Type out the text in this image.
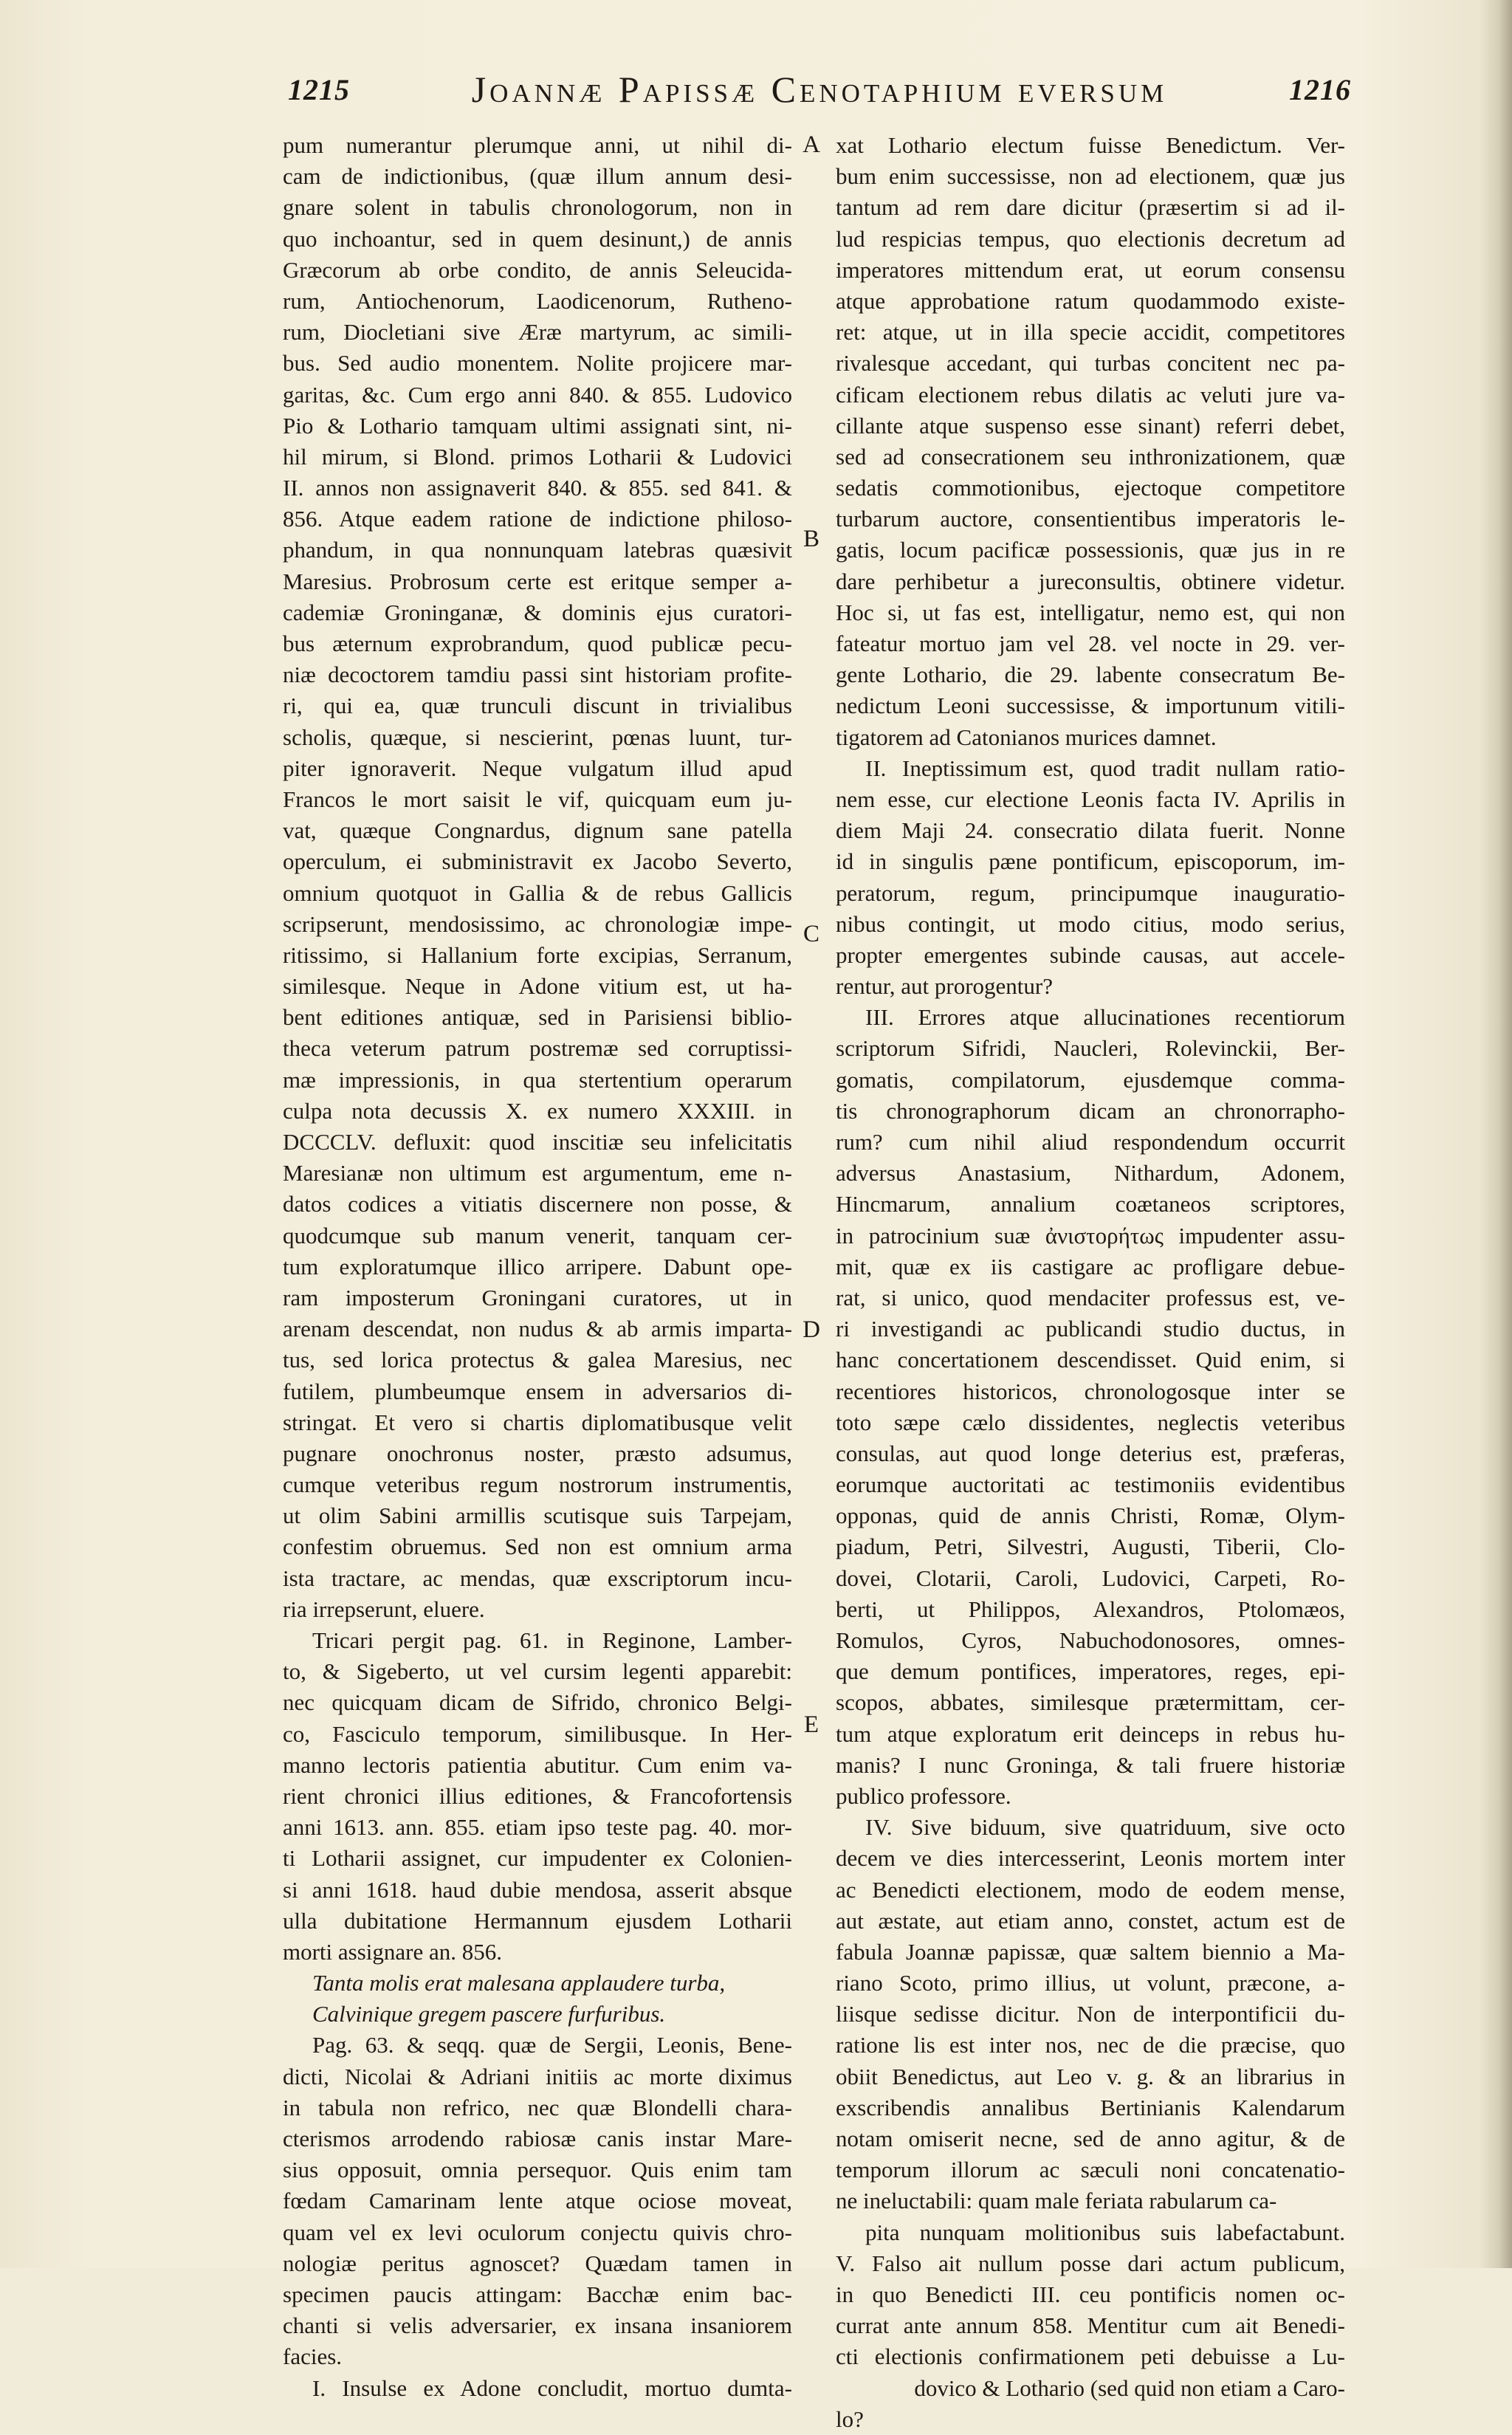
1215	Joannæ Papissæ Cenotaphium eversum	1216
pum numerantur plerumque anni, ut nihil di-
cam de indictionibus, (quæ illum annum desi-
gnare solent in tabulis chronologorum, non in
quo inchoantur, sed in quem desinunt,) de annis
Græcorum ab orbe condito, de annis Seleucida-
rum, Antiochenorum, Laodicenorum, Rutheno-
rum, Diocletiani sive Æræ martyrum, ac simili-
bus. Sed audio monentem. Nolite projicere mar-
garitas, &c. Cum ergo anni 840. & 855. Ludovico
Pio & Lothario tamquam ultimi assignati sint, ni-
hil mirum, si Blond. primos Lotharii & Ludovici
II. annos non assignaverit 840. & 855. sed 841. &
856. Atque eadem ratione de indictione philoso-
phandum, in qua nonnunquam latebras quæsivit
Maresius. Probrosum certe est eritque semper a-
cademiæ Groninganæ, & dominis ejus curatori-
bus æternum exprobrandum, quod publicæ pecu-
niæ decoctorem tamdiu passi sint historiam profite-
ri, qui ea, quæ trunculi discunt in trivialibus
scholis, quæque, si nescierint, pœnas luunt, tur-
piter ignoraverit. Neque vulgatum illud apud
Francos le mort saisit le vif, quicquam eum ju-
vat, quæque Congnardus, dignum sane patella
operculum, ei subministravit ex Jacobo Severto,
omnium quotquot in Gallia & de rebus Gallicis
scripserunt, mendosissimo, ac chronologiæ impe-
ritissimo, si Hallanium forte excipias, Serranum,
similesque. Neque in Adone vitium est, ut ha-
bent editiones antiquæ, sed in Parisiensi biblio-
theca veterum patrum postremæ sed corruptissi-
mæ impressionis, in qua stertentium operarum
culpa nota decussis X. ex numero XXXIII. in
DCCCLV. defluxit: quod inscitiæ seu infelicitatis
Maresianæ non ultimum est argumentum, eme n-
datos codices a vitiatis discernere non posse, &
quodcumque sub manum venerit, tanquam cer-
tum exploratumque illico arripere. Dabunt ope-
ram imposterum Groningani curatores, ut in
arenam descendat, non nudus & ab armis imparta-
tus, sed lorica protectus & galea Maresius, nec
futilem, plumbeumque ensem in adversarios di-
stringat. Et vero si chartis diplomatibusque velit
pugnare onochronus noster, præsto adsumus,
cumque veteribus regum nostrorum instrumentis,
ut olim Sabini armillis scutisque suis Tarpejam,
confestim obruemus. Sed non est omnium arma
ista tractare, ac mendas, quæ exscriptorum incu-
ria irrepserunt, eluere.
Tricari pergit pag. 61. in Reginone, Lamber-
to, & Sigeberto, ut vel cursim legenti apparebit:
nec quicquam dicam de Sifrido, chronico Belgi-
co, Fasciculo temporum, similibusque. In Her-
manno lectoris patientia abutitur. Cum enim va-
rient chronici illius editiones, & Francofortensis
anni 1613. ann. 855. etiam ipso teste pag. 40. mor-
ti Lotharii assignet, cur impudenter ex Colonien-
si anni 1618. haud dubie mendosa, asserit absque
ulla dubitatione Hermannum ejusdem Lotharii
morti assignare an. 856.
Tanta molis erat malesana applaudere turba,
Calvinique gregem pascere furfuribus.
Pag. 63. & seqq. quæ de Sergii, Leonis, Bene-
dicti, Nicolai & Adriani initiis ac morte diximus
in tabula non refrico, nec quæ Blondelli chara-
cterismos arrodendo rabiosæ canis instar Mare-
sius opposuit, omnia persequor. Quis enim tam
fœdam Camarinam lente atque ociose moveat,
quam vel ex levi oculorum conjectu quivis chro-
nologiæ peritus agnoscet? Quædam tamen in
specimen paucis attingam: Bacchæ enim bac-
chanti si velis adversarier, ex insana insaniorem
facies.
I. Insulse ex Adone concludit, mortuo dumta-
xat Lothario electum fuisse Benedictum. Ver-
bum enim successisse, non ad electionem, quæ jus
tantum ad rem dare dicitur (præsertim si ad il-
lud respicias tempus, quo electionis decretum ad
imperatores mittendum erat, ut eorum consensu
atque approbatione ratum quodammodo existe-
ret: atque, ut in illa specie accidit, competitores
rivalesque accedant, qui turbas concitent nec pa-
cificam electionem rebus dilatis ac veluti jure va-
cillante atque suspenso esse sinant) referri debet,
sed ad consecrationem seu inthronizationem, quæ
sedatis commotionibus, ejectoque competitore
turbarum auctore, consentientibus imperatoris le-
gatis, locum pacificæ possessionis, quæ jus in re
dare perhibetur a jureconsultis, obtinere videtur.
Hoc si, ut fas est, intelligatur, nemo est, qui non
fateatur mortuo jam vel 28. vel nocte in 29. ver-
gente Lothario, die 29. labente consecratum Be-
nedictum Leoni successisse, & importunum vitili-
tigatorem ad Catonianos murices damnet.
II. Ineptissimum est, quod tradit nullam ratio-
nem esse, cur electione Leonis facta IV. Aprilis in
diem Maji 24. consecratio dilata fuerit. Nonne
id in singulis pæne pontificum, episcoporum, im-
peratorum, regum, principumque inauguratio-
nibus contingit, ut modo citius, modo serius,
propter emergentes subinde causas, aut accele-
rentur, aut prorogentur?
III. Errores atque allucinationes recentiorum
scriptorum Sifridi, Naucleri, Rolevinckii, Ber-
gomatis, compilatorum, ejusdemque comma-
tis chronographorum dicam an chronorrapho-
rum? cum nihil aliud respondendum occurrit
adversus Anastasium, Nithardum, Adonem,
Hincmarum, annalium coætaneos scriptores,
in patrocinium suæ ἀνιστορήτως impudenter assu-
mit, quæ ex iis castigare ac profligare debue-
rat, si unico, quod mendaciter professus est, ve-
ri investigandi ac publicandi studio ductus, in
hanc concertationem descendisset. Quid enim, si
recentiores historicos, chronologosque inter se
toto sæpe cælo dissidentes, neglectis veteribus
consulas, aut quod longe deterius est, præferas,
eorumque auctoritati ac testimoniis evidentibus
opponas, quid de annis Christi, Romæ, Olym-
piadum, Petri, Silvestri, Augusti, Tiberii, Clo-
dovei, Clotarii, Caroli, Ludovici, Carpeti, Ro-
berti, ut Philippos, Alexandros, Ptolomæos,
Romulos, Cyros, Nabuchodonosores, omnes-
que demum pontifices, imperatores, reges, epi-
scopos, abbates, similesque prætermittam, cer-
tum atque exploratum erit deinceps in rebus hu-
manis? I nunc Groninga, & tali fruere historiæ
publico professore.
IV. Sive biduum, sive quatriduum, sive octo
decem ve dies intercesserint, Leonis mortem inter
ac Benedicti electionem, modo de eodem mense,
aut æstate, aut etiam anno, constet, actum est de
fabula Joannæ papissæ, quæ saltem biennio a Ma-
riano Scoto, primo illius, ut volunt, præcone, a-
liisque sedisse dicitur. Non de interpontificii du-
ratione lis est inter nos, nec de die præcise, quo
obiit Benedictus, aut Leo v. g. & an librarius in
exscribendis annalibus Bertinianis Kalendarum
notam omiserit necne, sed de anno agitur, & de
temporum illorum ac sæculi noni concatenatio-
ne ineluctabili: quam male feriata rabularum ca-
pita nunquam molitionibus suis labefactabunt.
V. Falso ait nullum posse dari actum publicum,
in quo Benedicti III. ceu pontificis nomen oc-
currat ante annum 858. Mentitur cum ait Benedi-
cti electionis confirmationem peti debuisse a Lu-
dovico & Lothario (sed quid non etiam a Caro-
lo?
A
B
C
D
E
